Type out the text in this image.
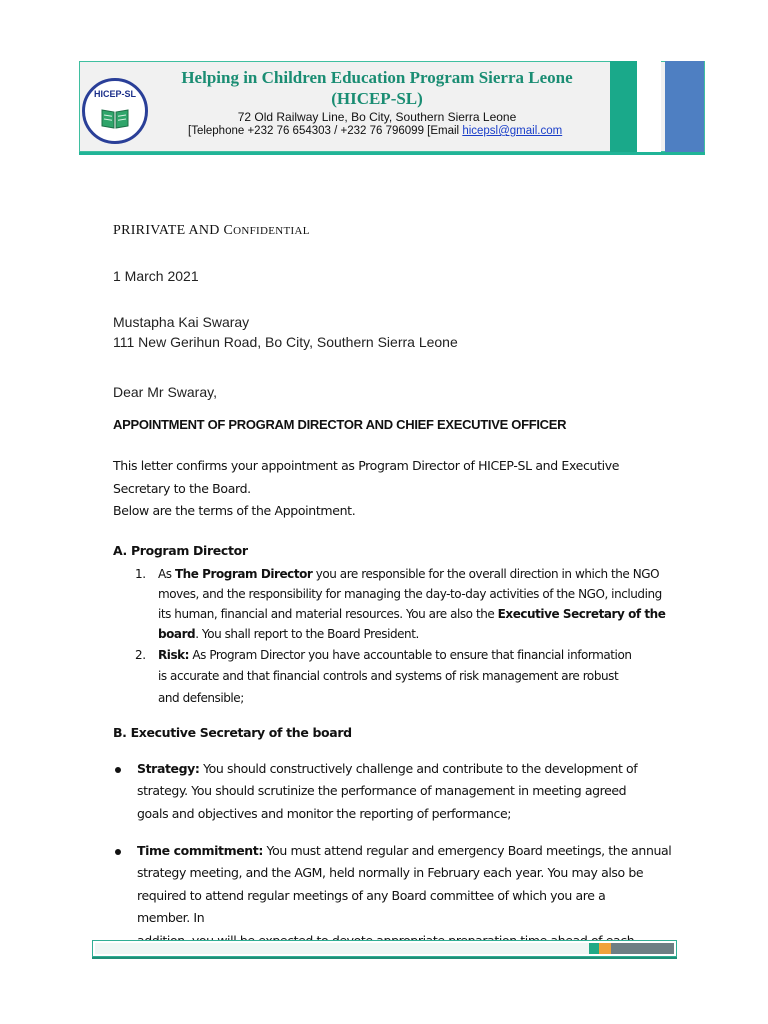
HICEP-SL
Helping in Children Education Program Sierra Leone
(HICEP-SL)
72 Old Railway Line, Bo City, Southern Sierra Leone
[Telephone +232 76 654303 / +232 76 796099 [Email hicepsl@gmail.com
PRIRIVATE AND CONFIDENTIAL
1 March 2021
Mustapha Kai Swaray
111 New Gerihun Road, Bo City, Southern Sierra Leone
Dear Mr Swaray,
APPOINTMENT OF PROGRAM DIRECTOR AND CHIEF EXECUTIVE OFFICER
This letter confirms your appointment as Program Director of HICEP-SL and Executive
Secretary to the Board.
Below are the terms of the Appointment.
A. Program Director
1. As The Program Director you are responsible for the overall direction in which the NGO
moves, and the responsibility for managing the day-to-day activities of the NGO, including
its human, financial and material resources. You are also the Executive Secretary of the
board. You shall report to the Board President.
2. Risk: As Program Director you have accountable to ensure that financial information
is accurate and that financial controls and systems of risk management are robust
and defensible;
B. Executive Secretary of the board
Strategy: You should constructively challenge and contribute to the development of
strategy. You should scrutinize the performance of management in meeting agreed
goals and objectives and monitor the reporting of performance;
Time commitment: You must attend regular and emergency Board meetings, the annual
strategy meeting, and the AGM, held normally in February each year. You may also be
required to attend regular meetings of any Board committee of which you are a
member. In
